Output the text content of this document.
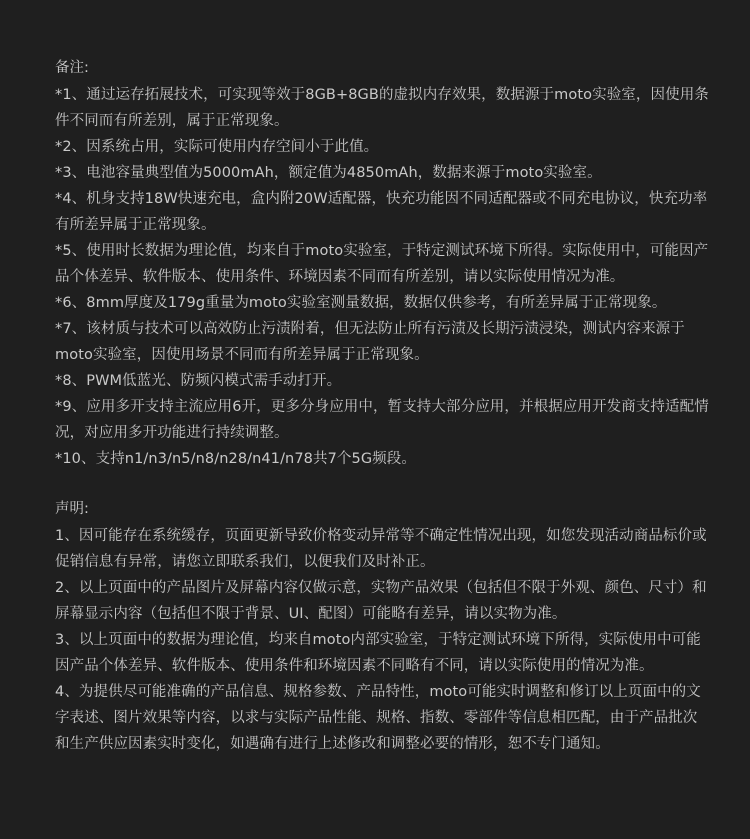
备注:

*1、通过运存拓展技术，可实现等效于8GB+8GB的虚拟内存效果，数据源于moto实验室，因使用条

件不同而有所差别，属于正常现象。

*2、因系统占用，实际可使用内存空间小于此值。

*3、电池容量典型值为5000mAh，额定值为4850mAh，数据来源于moto实验室。

*4、机身支持18W快速充电，盒内附20W适配器，快充功能因不同适配器或不同充电协议，快充功率

有所差异属于正常现象。

*5、使用时长数据为理论值，均来自于moto实验室，于特定测试环境下所得。实际使用中，可能因产

品个体差异、软件版本、使用条件、环境因素不同而有所差别，请以实际使用情况为准。

*6、8mm厚度及179g重量为moto实验室测量数据，数据仅供参考，有所差异属于正常现象。

*7、该材质与技术可以高效防止污渍附着，但无法防止所有污渍及长期污渍浸染，测试内容来源于

moto实验室，因使用场景不同而有所差异属于正常现象。

*8、PWM低蓝光、防频闪模式需手动打开。

*9、应用多开支持主流应用6开，更多分身应用中，暂支持大部分应用，并根据应用开发商支持适配情

况，对应用多开功能进行持续调整。

*10、支持n1/n3/n5/n8/n28/n41/n78共7个5G频段。

声明:

1、因可能存在系统缓存，页面更新导致价格变动异常等不确定性情况出现，如您发现活动商品标价或

促销信息有异常，请您立即联系我们，以便我们及时补正。

2、以上页面中的产品图片及屏幕内容仅做示意，实物产品效果（包括但不限于外观、颜色、尺寸）和

屏幕显示内容（包括但不限于背景、UI、配图）可能略有差异，请以实物为准。

3、以上页面中的数据为理论值，均来自moto内部实验室，于特定测试环境下所得，实际使用中可能

因产品个体差异、软件版本、使用条件和环境因素不同略有不同，请以实际使用的情况为准。

4、为提供尽可能准确的产品信息、规格参数、产品特性，moto可能实时调整和修订以上页面中的文

字表述、图片效果等内容，以求与实际产品性能、规格、指数、零部件等信息相匹配，由于产品批次

和生产供应因素实时变化，如遇确有进行上述修改和调整必要的情形，恕不专门通知。
